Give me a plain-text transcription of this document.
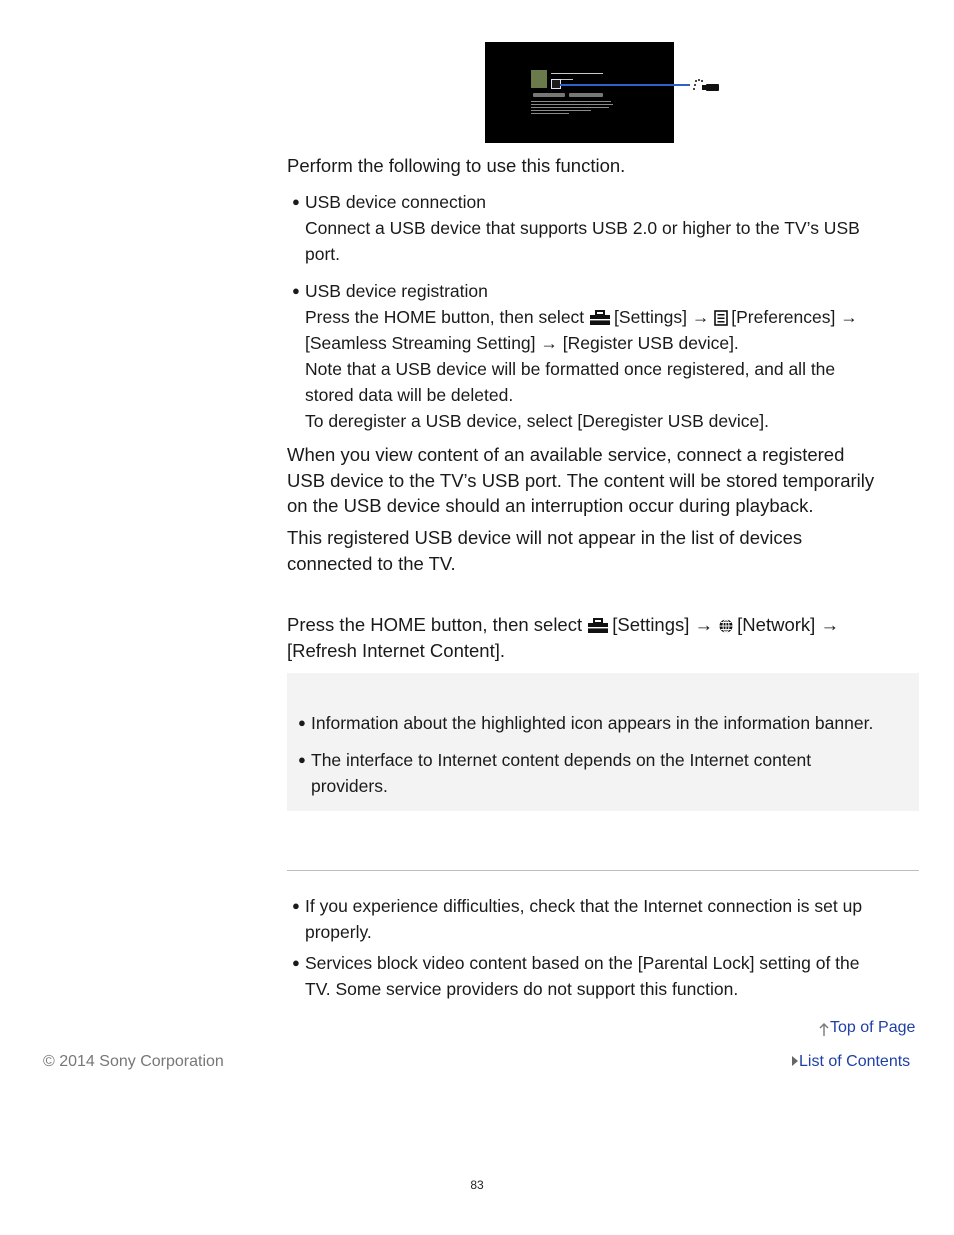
Perform the following to use this function.

● USB device connection
Connect a USB device that supports USB 2.0 or higher to the TV’s USB
port.
● USB device registration
Press the HOME button, then select [Settings] → [Preferences] →
[Seamless Streaming Setting] → [Register USB device].
Note that a USB device will be formatted once registered, and all the
stored data will be deleted.
To deregister a USB device, select [Deregister USB device].
When you view content of an available service, connect a registered
USB device to the TV’s USB port. The content will be stored temporarily
on the USB device should an interruption occur during playback.
This registered USB device will not appear in the list of devices
connected to the TV.
Press the HOME button, then select [Settings] → [Network] →
[Refresh Internet Content].
● Information about the highlighted icon appears in the information banner.
● The interface to Internet content depends on the Internet content
providers.
● If you experience difficulties, check that the Internet connection is set up
properly.
● Services block video content based on the [Parental Lock] setting of the
TV. Some service providers do not support this function.
Top of Page
List of Contents
© 2014 Sony Corporation
83
